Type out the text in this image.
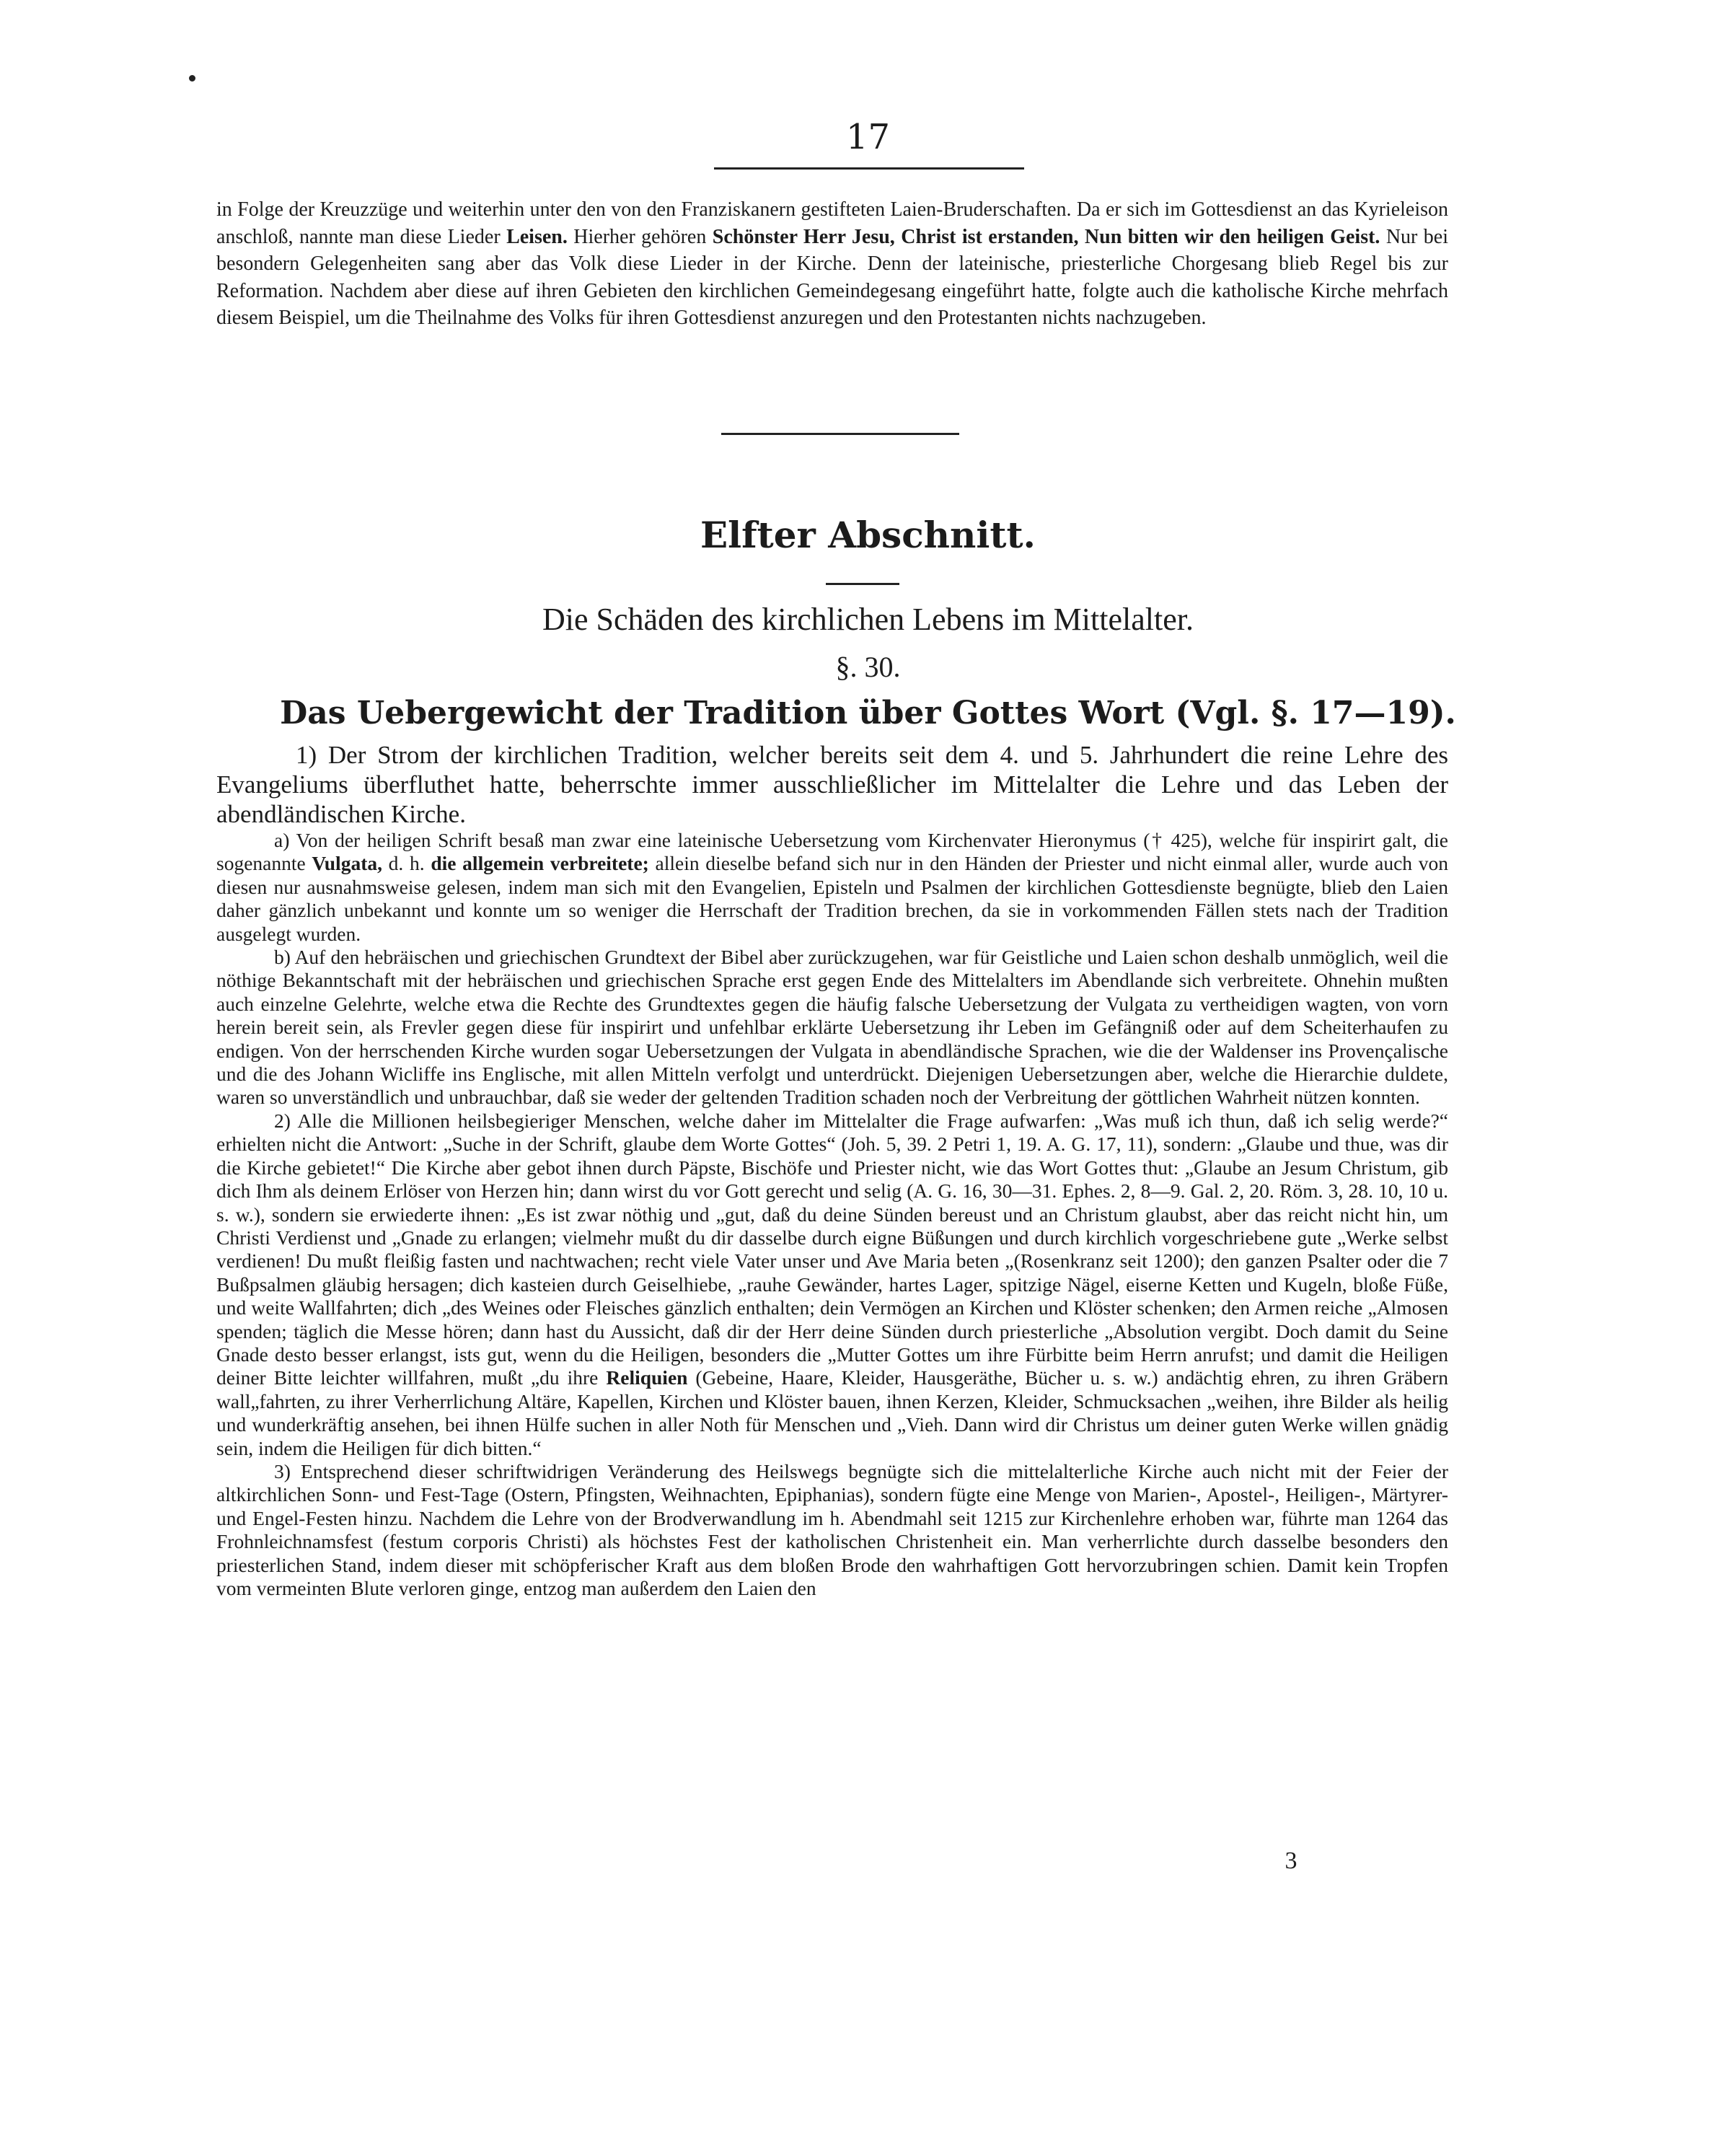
17

in Folge der Kreuzzüge und weiterhin unter den von den Franziskanern gestifteten Laien-Bruderschaften. Da er sich im Gottesdienst an das Kyrieleison anschloß, nannte man diese Lieder Leisen. Hierher gehören Schönster Herr Jesu, Christ ist erstanden, Nun bitten wir den heiligen Geist. Nur bei besondern Gelegenheiten sang aber das Volk diese Lieder in der Kirche. Denn der lateinische, priesterliche Chorgesang blieb Regel bis zur Reformation. Nachdem aber diese auf ihren Gebieten den kirchlichen Gemeindegesang eingeführt hatte, folgte auch die katholische Kirche mehrfach diesem Beispiel, um die Theilnahme des Volks für ihren Gottesdienst anzuregen und den Protestanten nichts nachzugeben.

Elfter Abschnitt.
Die Schäden des kirchlichen Lebens im Mittelalter.
§. 30.
Das Uebergewicht der Tradition über Gottes Wort (Vgl. §. 17—19).

1) Der Strom der kirchlichen Tradition, welcher bereits seit dem 4. und 5. Jahrhundert die reine Lehre des Evangeliums überfluthet hatte, beherrschte immer ausschließlicher im Mittelalter die Lehre und das Leben der abendländischen Kirche.

a) Von der heiligen Schrift besaß man zwar eine lateinische Uebersetzung vom Kirchenvater Hieronymus († 425), welche für inspirirt galt, die sogenannte Vulgata, d. h. die allgemein verbreitete; allein dieselbe befand sich nur in den Händen der Priester und nicht einmal aller, wurde auch von diesen nur ausnahmsweise gelesen, indem man sich mit den Evangelien, Episteln und Psalmen der kirchlichen Gottesdienste begnügte, blieb den Laien daher gänzlich unbekannt und konnte um so weniger die Herrschaft der Tradition brechen, da sie in vorkommenden Fällen stets nach der Tradition ausgelegt wurden.

b) Auf den hebräischen und griechischen Grundtext der Bibel aber zurückzugehen, war für Geistliche und Laien schon deshalb unmöglich, weil die nöthige Bekanntschaft mit der hebräischen und griechischen Sprache erst gegen Ende des Mittelalters im Abendlande sich verbreitete. Ohnehin mußten auch einzelne Gelehrte, welche etwa die Rechte des Grundtextes gegen die häufig falsche Uebersetzung der Vulgata zu vertheidigen wagten, von vorn herein bereit sein, als Frevler gegen diese für inspirirt und unfehlbar erklärte Uebersetzung ihr Leben im Gefängniß oder auf dem Scheiterhaufen zu endigen. Von der herrschenden Kirche wurden sogar Uebersetzungen der Vulgata in abendländische Sprachen, wie die der Waldenser ins Provençalische und die des Johann Wicliffe ins Englische, mit allen Mitteln verfolgt und unterdrückt. Diejenigen Uebersetzungen aber, welche die Hierarchie duldete, waren so unverständlich und unbrauchbar, daß sie weder der geltenden Tradition schaden noch der Verbreitung der göttlichen Wahrheit nützen konnten.

2) Alle die Millionen heilsbegieriger Menschen, welche daher im Mittelalter die Frage aufwarfen: „Was muß ich thun, daß ich selig werde?“ erhielten nicht die Antwort: „Suche in der Schrift, glaube dem Worte Gottes“ (Joh. 5, 39. 2 Petri 1, 19. A. G. 17, 11), sondern: „Glaube und thue, was dir die Kirche gebietet!“ Die Kirche aber gebot ihnen durch Päpste, Bischöfe und Priester nicht, wie das Wort Gottes thut: „Glaube an Jesum Christum, gib dich Ihm als deinem Erlöser von Herzen hin; dann wirst du vor Gott gerecht und selig (A. G. 16, 30—31. Ephes. 2, 8—9. Gal. 2, 20. Röm. 3, 28. 10, 10 u. s. w.), sondern sie erwiederte ihnen: „Es ist zwar nöthig und „gut, daß du deine Sünden bereust und an Christum glaubst, aber das reicht nicht hin, um Christi Verdienst und „Gnade zu erlangen; vielmehr mußt du dir dasselbe durch eigne Büßungen und durch kirchlich vorgeschriebene gute „Werke selbst verdienen! Du mußt fleißig fasten und nachtwachen; recht viele Vater unser und Ave Maria beten „(Rosenkranz seit 1200); den ganzen Psalter oder die 7 Bußpsalmen gläubig hersagen; dich kasteien durch Geiselhiebe, „rauhe Gewänder, hartes Lager, spitzige Nägel, eiserne Ketten und Kugeln, bloße Füße, und weite Wallfahrten; dich „des Weines oder Fleisches gänzlich enthalten; dein Vermögen an Kirchen und Klöster schenken; den Armen reiche „Almosen spenden; täglich die Messe hören; dann hast du Aussicht, daß dir der Herr deine Sünden durch priesterliche „Absolution vergibt. Doch damit du Seine Gnade desto besser erlangst, ists gut, wenn du die Heiligen, besonders die „Mutter Gottes um ihre Fürbitte beim Herrn anrufst; und damit die Heiligen deiner Bitte leichter willfahren, mußt „du ihre Reliquien (Gebeine, Haare, Kleider, Hausgeräthe, Bücher u. s. w.) andächtig ehren, zu ihren Gräbern wall„fahrten, zu ihrer Verherrlichung Altäre, Kapellen, Kirchen und Klöster bauen, ihnen Kerzen, Kleider, Schmucksachen „weihen, ihre Bilder als heilig und wunderkräftig ansehen, bei ihnen Hülfe suchen in aller Noth für Menschen und „Vieh. Dann wird dir Christus um deiner guten Werke willen gnädig sein, indem die Heiligen für dich bitten.“

3) Entsprechend dieser schriftwidrigen Veränderung des Heilswegs begnügte sich die mittelalterliche Kirche auch nicht mit der Feier der altkirchlichen Sonn- und Fest-Tage (Ostern, Pfingsten, Weihnachten, Epiphanias), sondern fügte eine Menge von Marien-, Apostel-, Heiligen-, Märtyrer- und Engel-Festen hinzu. Nachdem die Lehre von der Brodverwandlung im h. Abendmahl seit 1215 zur Kirchenlehre erhoben war, führte man 1264 das Frohnleichnamsfest (festum corporis Christi) als höchstes Fest der katholischen Christenheit ein. Man verherrlichte durch dasselbe besonders den priesterlichen Stand, indem dieser mit schöpferischer Kraft aus dem bloßen Brode den wahrhaftigen Gott hervorzubringen schien. Damit kein Tropfen vom vermeinten Blute verloren ginge, entzog man außerdem den Laien den

3
